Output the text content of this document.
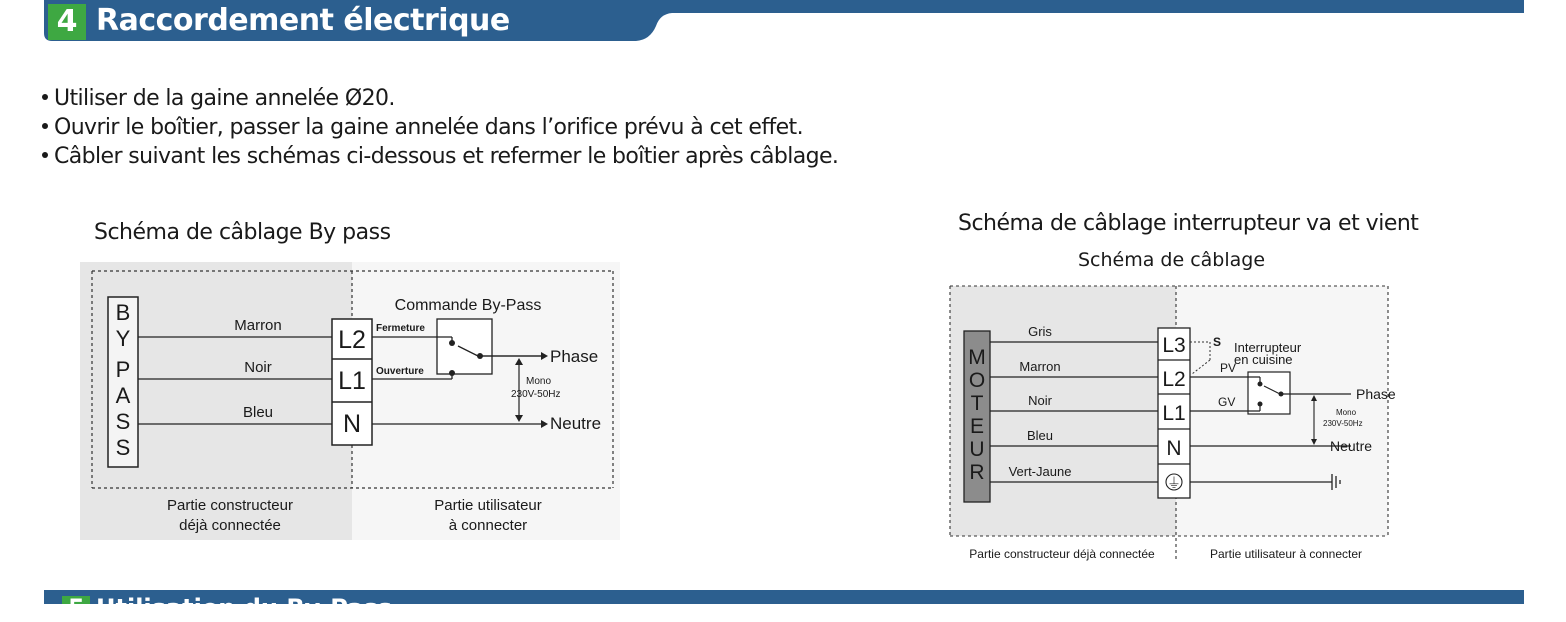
4 Raccordement électrique
Utiliser de la gaine annelée Ø20.
Ouvrir le boîtier, passer la gaine annelée dans l’orifice prévu à cet effet.
Câbler suivant les schémas ci-dessous et refermer le boîtier après câblage.
Schéma de câblage By pass	Schéma de câblage interrupteur va et vient
Schéma de câblage
B
Y
P
A
S
S
Marron
Noir
Bleu
L2
L1
N
Commande By-Pass
Fermeture
Ouverture
Phase
Neutre
Mono
230V-50Hz
Partie constructeur
déjà connectée
Partie utilisateur
à connecter
M
O
T
E
U
R
Gris
Marron
Noir
Bleu
Vert-Jaune
L3
L2
L1
N
⏚
S Interrupteur
en cuisine
PV
GV	Phase
Neutre
Mono
230V-50Hz
Partie constructeur déjà connectée	Partie utilisateur à connecter
5 Utilisation du By-Pass
